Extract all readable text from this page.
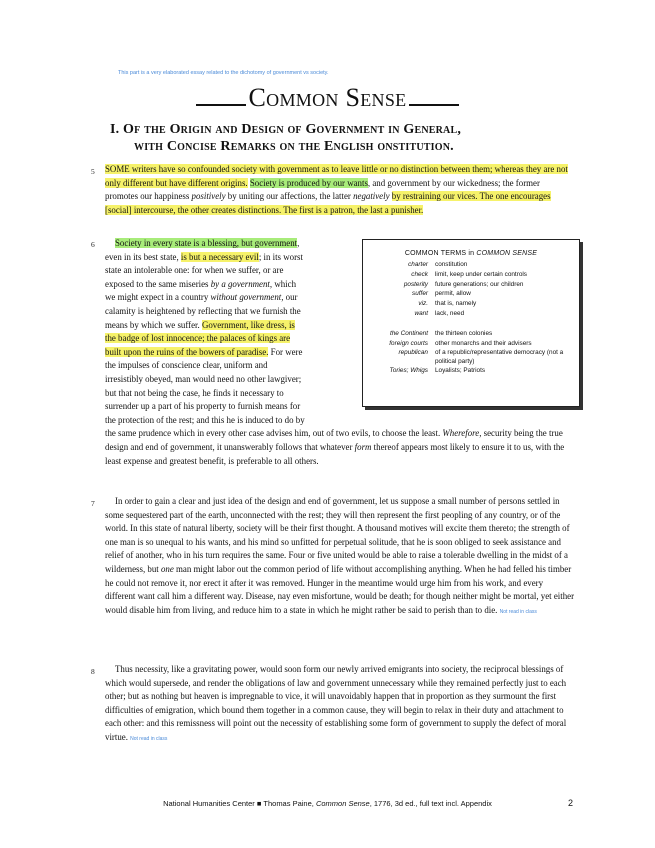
This part is a very elaborated essay related to the dichotomy of government vs society.
Common Sense
I. Of the Origin and Design of Government in General,
with Concise Remarks on the English onstitution.
5 SOME writers have so confounded society with government as to leave little or no distinction between them; whereas they are not only different but have different origins. Society is produced by our wants, and government by our wickedness; the former promotes our happiness positively by uniting our affections, the latter negatively by restraining our vices. The one encourages [social] intercourse, the other creates distinctions. The first is a patron, the last a punisher.
6	Society in every state is a blessing, but government, even in its best state, is but a necessary evil; in its worst state an intolerable one: for when we suffer, or are exposed to the same miseries by a government, which we might expect in a country without government, our calamity is heightened by reflecting that we furnish the means by which we suffer. Government, like dress, is the badge of lost innocence; the palaces of kings are built upon the ruins of the bowers of paradise. For were the impulses of conscience clear, uniform and irresistibly obeyed, man would need no other lawgiver; but that not being the case, he finds it necessary to surrender up a part of his property to furnish means for the protection of the rest; and this he is induced to do by the same prudence which in every other case advises him, out of two evils, to choose the least. Wherefore, security being the true design and end of government, it unanswerably follows that whatever form thereof appears most likely to ensure it to us, with the least expense and greatest benefit, is preferable to all others.
COMMON TERMS in COMMON SENSE
charter	constitution
check	limit, keep under certain controls
posterity	future generations; our children
suffer	permit, allow
viz.	that is, namely
want	lack, need
the Continent	the thirteen colonies
foreign courts	other monarchs and their advisers
republican	of a republic/representative democracy (not a political party)
Tories; Whigs	Loyalists; Patriots
7	In order to gain a clear and just idea of the design and end of government, let us suppose a small number of persons settled in some sequestered part of the earth, unconnected with the rest; they will then represent the first peopling of any country, or of the world. In this state of natural liberty, society will be their first thought. A thousand motives will excite them thereto; the strength of one man is so unequal to his wants, and his mind so unfitted for perpetual solitude, that he is soon obliged to seek assistance and relief of another, who in his turn requires the same. Four or five united would be able to raise a tolerable dwelling in the midst of a wilderness, but one man might labor out the common period of life without accomplishing anything. When he had felled his timber he could not remove it, nor erect it after it was removed. Hunger in the meantime would urge him from his work, and every different want call him a different way. Disease, nay even misfortune, would be death; for though neither might be mortal, yet either would disable him from living, and reduce him to a state in which he might rather be said to perish than to die. Not read in class
8	Thus necessity, like a gravitating power, would soon form our newly arrived emigrants into society, the reciprocal blessings of which would supersede, and render the obligations of law and government unnecessary while they remained perfectly just to each other; but as nothing but heaven is impregnable to vice, it will unavoidably happen that in proportion as they surmount the first difficulties of emigration, which bound them together in a common cause, they will begin to relax in their duty and attachment to each other: and this remissness will point out the necessity of establishing some form of government to supply the defect of moral virtue. Not read in class
National Humanities Center ■ Thomas Paine, Common Sense, 1776, 3d ed., full text incl. Appendix	2
